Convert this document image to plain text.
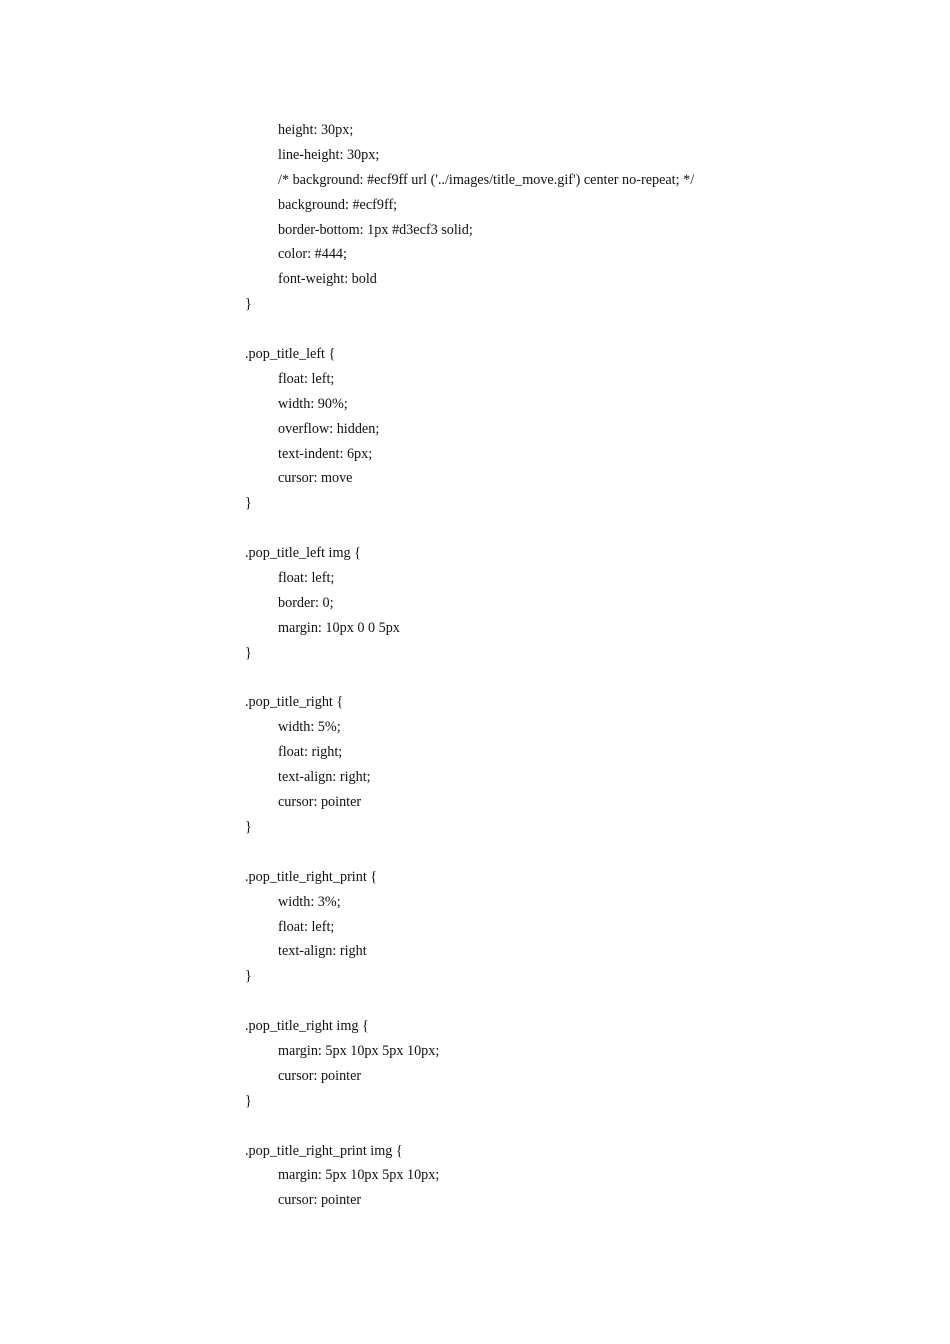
height: 30px;
line-height: 30px;
/* background: #ecf9ff url ('../images/title_move.gif') center no-repeat; */
background: #ecf9ff;
border-bottom: 1px #d3ecf3 solid;
color: #444;
font-weight: bold
}
.pop_title_left {
float: left;
width: 90%;
overflow: hidden;
text-indent: 6px;
cursor: move
}
.pop_title_left img {
float: left;
border: 0;
margin: 10px 0 0 5px
}
.pop_title_right {
width: 5%;
float: right;
text-align: right;
cursor: pointer
}
.pop_title_right_print {
width: 3%;
float: left;
text-align: right
}
.pop_title_right img {
margin: 5px 10px 5px 10px;
cursor: pointer
}
.pop_title_right_print img {
margin: 5px 10px 5px 10px;
cursor: pointer
